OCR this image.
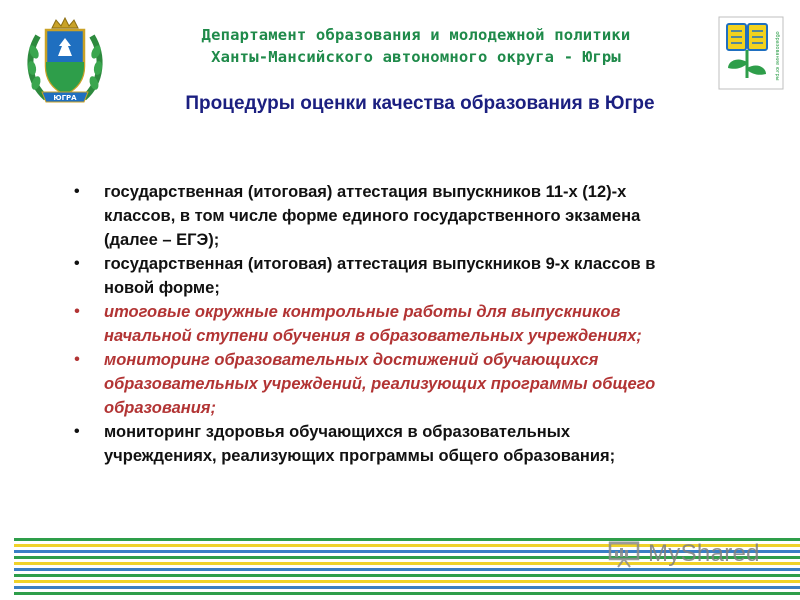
ЮГРА
Департамент образования и молодежной политики
Ханты-Мансийского автономного округа - Югры	образование югры
Процедуры оценки качества образования в Югре
•	государственная (итоговая) аттестация выпускников 11-х (12)-х
классов, в том числе форме единого государственного экзамена
(далее – ЕГЭ);
•	государственная (итоговая) аттестация выпускников 9-х классов в
новой форме;
•	итоговые окружные контрольные работы для выпускников
начальной ступени обучения в образовательных учреждениях;
•	мониторинг образовательных достижений обучающихся
образовательных учреждений, реализующих программы общего
образования;
•	мониторинг здоровья обучающихся в образовательных
учреждениях, реализующих программы общего образования;
MyShared
